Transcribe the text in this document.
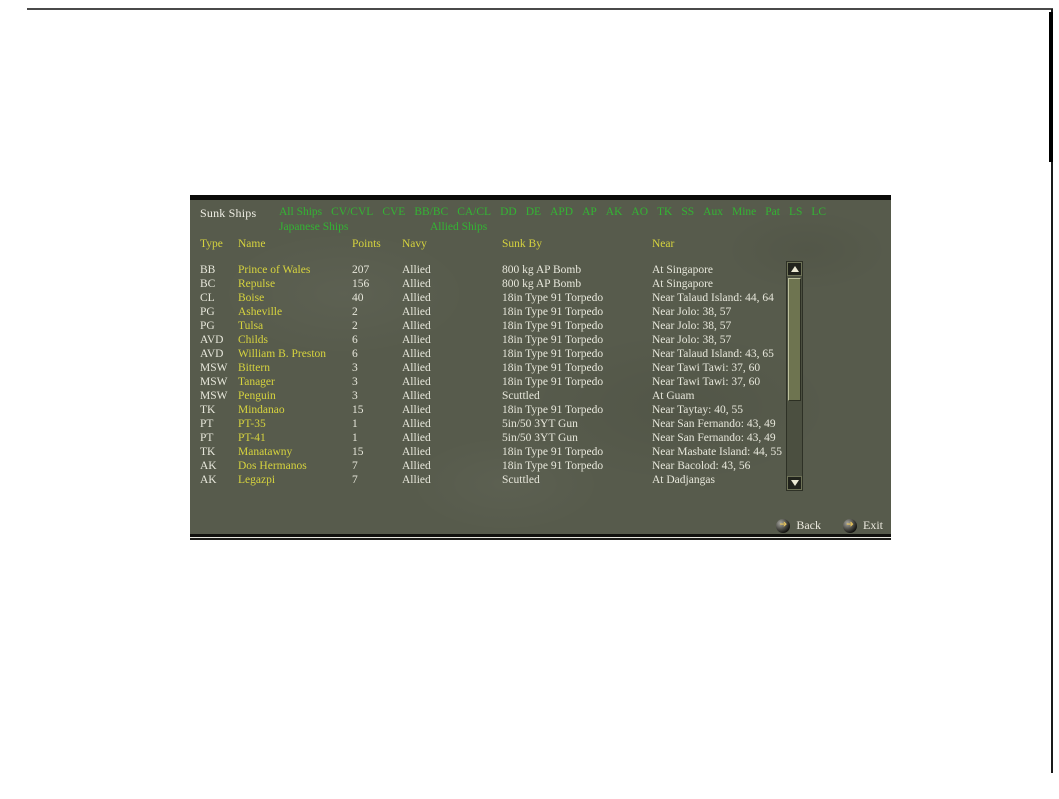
Sunk Ships All Ships CV/CVL CVE BB/BC CA/CL DD DE APD AP AK AO TK SS Aux Mine Pat LS LC
Japanese Ships	Allied Ships
Type	Name	Points	Navy	Sunk By	Near
BB	Prince of Wales	207	Allied	800 kg AP Bomb	At Singapore
BC	Repulse	156	Allied	800 kg AP Bomb	At Singapore
CL	Boise	40	Allied	18in Type 91 Torpedo	Near Talaud Island: 44, 64
PG	Asheville	2	Allied	18in Type 91 Torpedo	Near Jolo: 38, 57
PG	Tulsa	2	Allied	18in Type 91 Torpedo	Near Jolo: 38, 57
AVD	Childs	6	Allied	18in Type 91 Torpedo	Near Jolo: 38, 57
AVD	William B. Preston	6	Allied	18in Type 91 Torpedo	Near Talaud Island: 43, 65
MSW Bittern	3	Allied	18in Type 91 Torpedo	Near Tawi Tawi: 37, 60
MSW Tanager	3	Allied	18in Type 91 Torpedo	Near Tawi Tawi: 37, 60
MSW Penguin	3	Allied	Scuttled	At Guam
TK	Mindanao	15	Allied	18in Type 91 Torpedo	Near Taytay: 40, 55
PT	PT-35	1	Allied	5in/50 3YT Gun	Near San Fernando: 43, 49
PT	PT-41	1	Allied	5in/50 3YT Gun	Near San Fernando: 43, 49
TK	Manatawny	15	Allied	18in Type 91 Torpedo	Near Masbate Island: 44, 55
AK	Dos Hermanos	7	Allied	18in Type 91 Torpedo	Near Bacolod: 43, 56
AK	Legazpi	7	Allied	Scuttled	At Dadjangas
➔ Back	➔ Exit
